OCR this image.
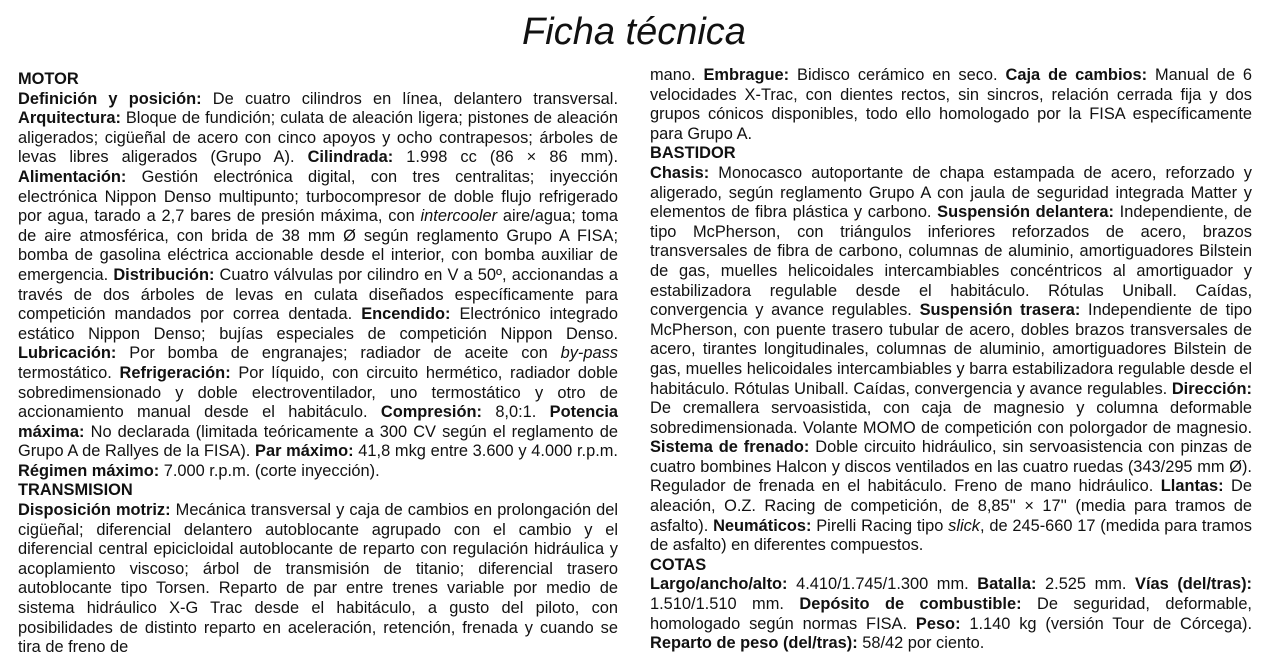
Ficha técnica
MOTOR

Definición y posición: De cuatro cilindros en línea, delantero transversal. Arquitectura: Bloque de fundición; culata de aleación ligera; pistones de aleación aligerados; cigüeñal de acero con cinco apoyos y ocho contrapesos; árboles de levas libres aligerados (Grupo A). Cilindrada: 1.998 cc (86 × 86 mm). Alimentación: Gestión electrónica digital, con tres centralitas; inyección electrónica Nippon Denso multipunto; turbocompresor de doble flujo refrigerado por agua, tarado a 2,7 bares de presión máxima, con intercooler aire/agua; toma de aire atmosférica, con brida de 38 mm Ø según reglamento Grupo A FISA; bomba de gasolina eléctrica accionable desde el interior, con bomba auxiliar de emergencia. Distribución: Cuatro válvulas por cilindro en V a 50º, accionandas a través de dos árboles de levas en culata diseñados específicamente para competición mandados por correa dentada. Encendido: Electrónico integrado estático Nippon Denso; bujías especiales de competición Nippon Denso. Lubricación: Por bomba de engranajes; radiador de aceite con by-pass termostático. Refrigeración: Por líquido, con circuito hermético, radiador doble sobredimensionado y doble electroventilador, uno termostático y otro de accionamiento manual desde el habitáculo. Compresión: 8,0:1. Potencia máxima: No declarada (limitada teóricamente a 300 CV según el reglamento de Grupo A de Rallyes de la FISA). Par máximo: 41,8 mkg entre 3.600 y 4.000 r.p.m. Régimen máximo: 7.000 r.p.m. (corte inyección).

TRANSMISION

Disposición motriz: Mecánica transversal y caja de cambios en prolongación del cigüeñal; diferencial delantero autoblocante agrupado con el cambio y el diferencial central epicicloidal autoblocante de reparto con regulación hidráulica y acoplamiento viscoso; árbol de transmisión de titanio; diferencial trasero autoblocante tipo Torsen. Reparto de par entre trenes variable por medio de sistema hidráulico X-G Trac desde el habitáculo, a gusto del piloto, con posibilidades de distinto reparto en aceleración, retención, frenada y cuando se tira de freno de

mano. Embrague: Bidisco cerámico en seco. Caja de cambios: Manual de 6 velocidades X-Trac, con dientes rectos, sin sincros, relación cerrada fija y dos grupos cónicos disponibles, todo ello homologado por la FISA específicamente para Grupo A.

BASTIDOR

Chasis: Monocasco autoportante de chapa estampada de acero, reforzado y aligerado, según reglamento Grupo A con jaula de seguridad integrada Matter y elementos de fibra plástica y carbono. Suspensión delantera: Independiente, de tipo McPherson, con triángulos inferiores reforzados de acero, brazos transversales de fibra de carbono, columnas de aluminio, amortiguadores Bilstein de gas, muelles helicoidales intercambiables concéntricos al amortiguador y estabilizadora regulable desde el habitáculo. Rótulas Uniball. Caídas, convergencia y avance regulables. Suspensión trasera: Independiente de tipo McPherson, con puente trasero tubular de acero, dobles brazos transversales de acero, tirantes longitudinales, columnas de aluminio, amortiguadores Bilstein de gas, muelles helicoidales intercambiables y barra estabilizadora regulable desde el habitáculo. Rótulas Uniball. Caídas, convergencia y avance regulables. Dirección: De cremallera servoasistida, con caja de magnesio y columna deformable sobredimensionada. Volante MOMO de competición con polorgador de magnesio. Sistema de frenado: Doble circuito hidráulico, sin servoasistencia con pinzas de cuatro bombines Halcon y discos ventilados en las cuatro ruedas (343/295 mm Ø). Regulador de frenada en el habitáculo. Freno de mano hidráulico. Llantas: De aleación, O.Z. Racing de competición, de 8,85'' × 17'' (media para tramos de asfalto). Neumáticos: Pirelli Racing tipo slick, de 245-660 17 (medida para tramos de asfalto) en diferentes compuestos.

COTAS

Largo/ancho/alto: 4.410/1.745/1.300 mm. Batalla: 2.525 mm. Vías (del/tras): 1.510/1.510 mm. Depósito de combustible: De seguridad, deformable, homologado según normas FISA. Peso: 1.140 kg (versión Tour de Córcega). Reparto de peso (del/tras): 58/42 por ciento.
